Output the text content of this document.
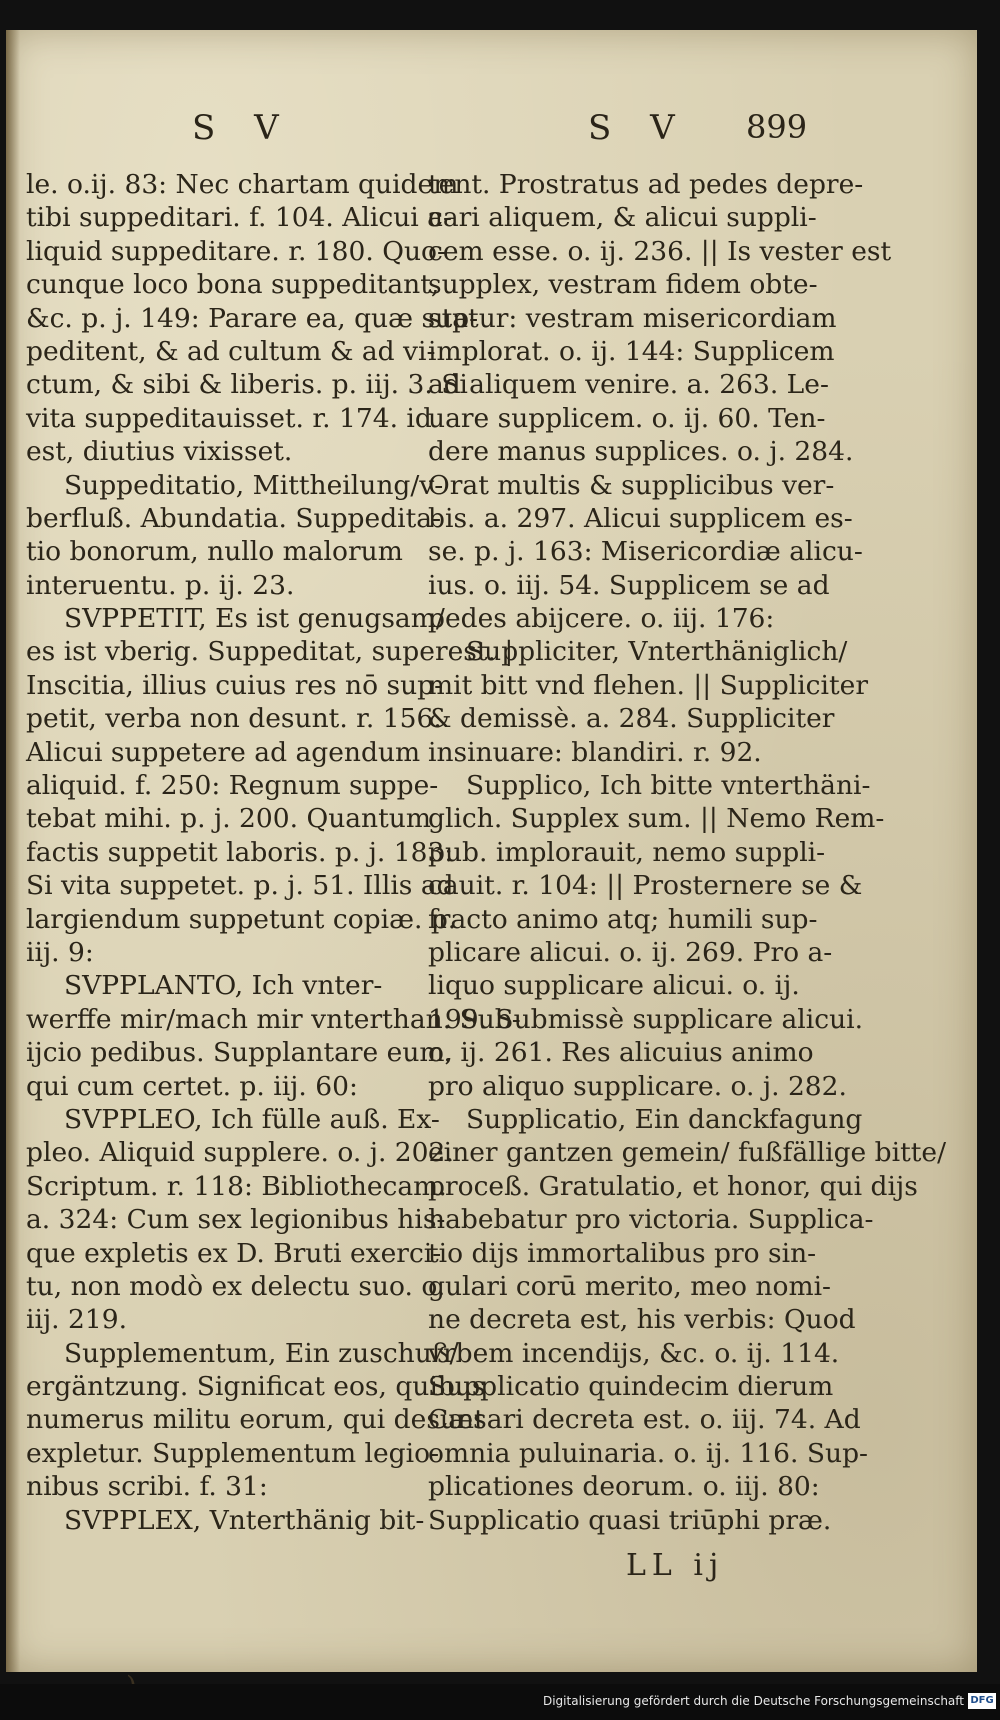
S V	S V 899
le. o.ij. 83: Nec chartam quidem
tibi suppeditari. f. 104. Alicui a-
liquid suppeditare. r. 180. Quo-
cunque loco bona suppeditant,
&c. p. j. 149: Parare ea, quæ sup-
peditent, & ad cultum & ad vi-
ctum, & sibi & liberis. p. iij. 3. Si
vita suppeditauisset. r. 174. id
est, diutius vixisset.
Suppeditatio, Mittheilung/v-
berfluß. Abundatia. Suppedita-
tio bonorum, nullo malorum
interuentu. p. ij. 23.
SVPPETIT, Es ist genugsam/
es ist vberig. Suppeditat, superest. |
Inscitia, illius cuius res nō sup-
petit, verba non desunt. r. 156.
Alicui suppetere ad agendum
aliquid. f. 250: Regnum suppe-
tebat mihi. p. j. 200. Quantum
factis suppetit laboris. p. j. 183:
Si vita suppetet. p. j. 51. Illis ad
largiendum suppetunt copiæ. p.
iij. 9:
SVPPLANTO, Ich vnter-
werffe mir/mach mir vnterthan. Sub-
ijcio pedibus. Supplantare eum,
qui cum certet. p. iij. 60:
SVPPLEO, Ich fülle auß. Ex-
pleo. Aliquid supplere. o. j. 202.
Scriptum. r. 118: Bibliothecam.
a. 324: Cum sex legionibus his-
que expletis ex D. Bruti exerci-
tu, non modò ex delectu suo. o.
iij. 219.
Supplementum, Ein zuschuß/
ergäntzung. Significat eos, quibus
numerus militu eorum, qui desunt
expletur. Supplementum legio-
nibus scribi. f. 31:
SVPPLEX, Vnterthänig bit-
tent. Prostratus ad pedes depre-
cari aliquem, & alicui suppli-
cem esse. o. ij. 236. || Is vester est
supplex, vestram fidem obte-
statur: vestram misericordiam
implorat. o. ij. 144: Supplicem
ad aliquem venire. a. 263. Le-
uare supplicem. o. ij. 60. Ten-
dere manus supplices. o. j. 284.
Orat multis & supplicibus ver-
bis. a. 297. Alicui supplicem es-
se. p. j. 163: Misericordiæ alicu-
ius. o. iij. 54. Supplicem se ad
pedes abijcere. o. iij. 176:
Suppliciter, Vnterthäniglich/
mit bitt vnd flehen. || Suppliciter
& demissè. a. 284. Suppliciter
insinuare: blandiri. r. 92.
Supplico, Ich bitte vnterthäni-
glich. Supplex sum. || Nemo Rem-
pub. implorauit, nemo suppli-
cauit. r. 104: || Prosternere se &
fracto animo atq; humili sup-
plicare alicui. o. ij. 269. Pro a-
liquo supplicare alicui. o. ij.
199. Submissè supplicare alicui.
o. ij. 261. Res alicuius animo
pro aliquo supplicare. o. j. 282.
Supplicatio, Ein danckfagung
einer gantzen gemein/ fußfällige bitte/
proceß. Gratulatio, et honor, qui dijs
habebatur pro victoria. Supplica-
tio dijs immortalibus pro sin-
gulari corū merito, meo nomi-
ne decreta est, his verbis: Quod
vrbem incendijs, &c. o. ij. 114.
Supplicatio quindecim dierum
Cæsari decreta est. o. iij. 74. Ad
omnia puluinaria. o. ij. 116. Sup-
plicationes deorum. o. iij. 80:
Supplicatio quasi triūphi præ.
LL ij
Digitalisierung gefördert durch die Deutsche Forschungsgemeinschaft DFG
